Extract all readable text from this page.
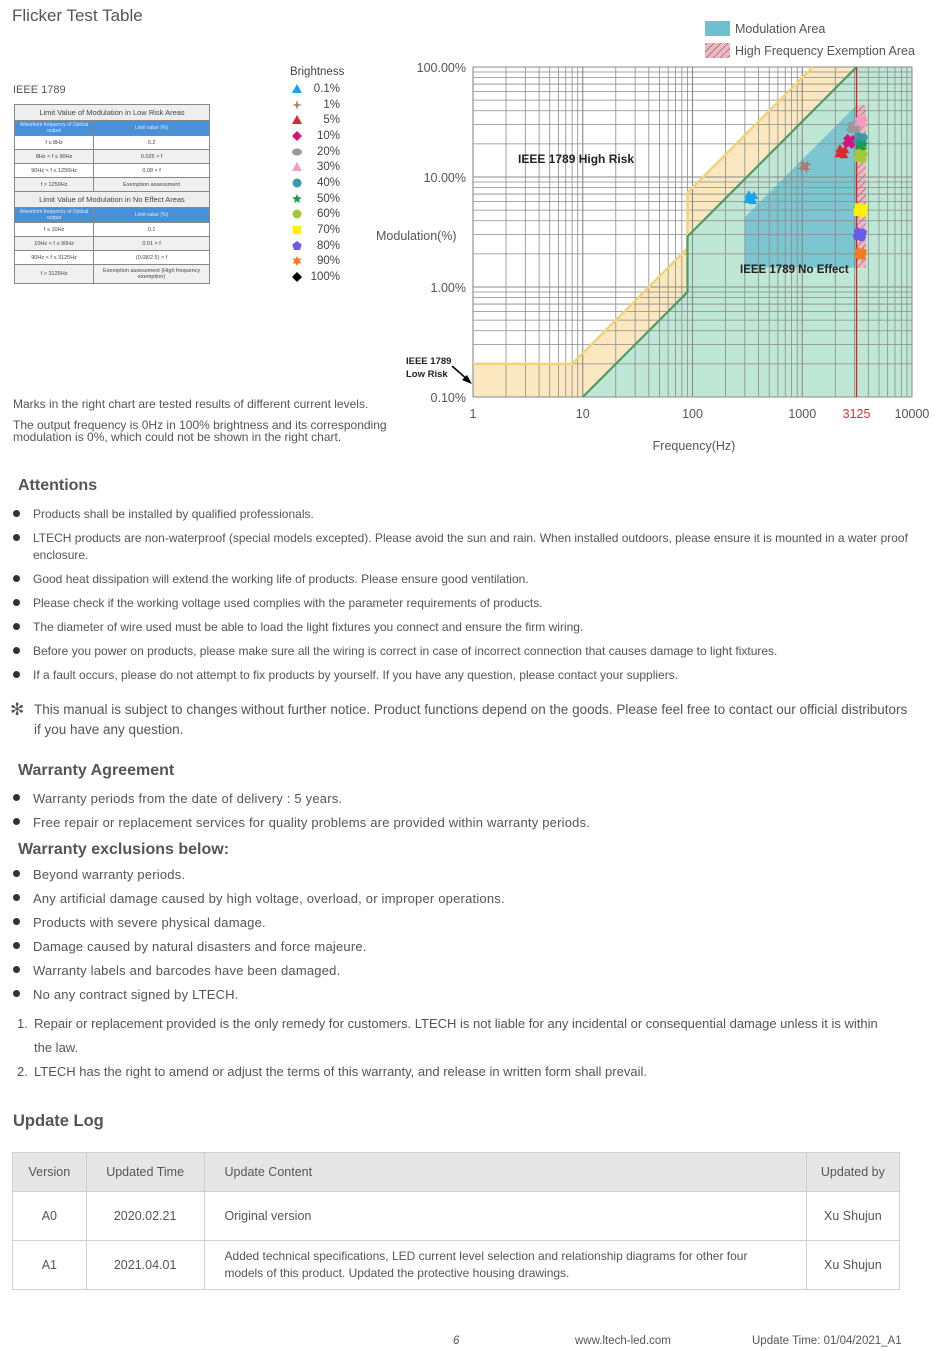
Flicker Test Table
IEEE 1789
Limit Value of Modulation in Low Risk Areas	
Waveform frequency of Optical output	Limit value (%)
f ≤ 8Hz	0.2
8Hz < f ≤ 90Hz	0.025 × f
90Hz < f ≤ 1250Hz	0.08 × f
f > 1250Hz	Exemption assessment
Limit Value of Modulation in No Effect Areas	
Waveform frequency of Optical output	Limit value (%)
f ≤ 10Hz	0.1
10Hz < f ≤ 90Hz	0.01 × f
90Hz < f ≤ 3125Hz	(0.08/2.5) × f
f > 3125Hz	Exemption assessment (High frequency exemption)
Brightness
0.1%
1%
5%
10%
20%
30%
40%
50%
60%
70%
80%
90%
100%
Marks in the right chart are tested results of different current levels.
The output frequency is 0Hz in 100% brightness and its corresponding modulation is 0%, which could not be shown in the right chart.
1	10	100	1000 3125 10000
100.00%
10.00%
1.00%
0.10%
Modulation Area
High Frequency Exemption Area
IEEE 1789 High Risk
IEEE 1789 No Effect
IEEE 1789
Low Risk
Frequency(Hz)
Modulation(%)
Attentions
Products shall be installed by qualified professionals.
LTECH products are non-waterproof (special models excepted). Please avoid the sun and rain. When installed outdoors, please ensure it is mounted in a water proof enclosure.
Good heat dissipation will extend the working life of products. Please ensure good ventilation.
Please check if the working voltage used complies with the parameter requirements of products.
The diameter of wire used must be able to load the light fixtures you connect and ensure the firm wiring.
Before you power on products, please make sure all the wiring is correct in case of incorrect connection that causes damage to light fixtures.
If a fault occurs, please do not attempt to fix products by yourself. If you have any question, please contact your suppliers.
✻ This manual is subject to changes without further notice. Product functions depend on the goods. Please feel free to contact our official distributors if you have any question.
Warranty Agreement
Warranty periods from the date of delivery : 5 years.
Free repair or replacement services for quality problems are provided within warranty periods.
Warranty exclusions below:
Beyond warranty periods.
Any artificial damage caused by high voltage, overload, or improper operations.
Products with severe physical damage.
Damage caused by natural disasters and force majeure.
Warranty labels and barcodes have been damaged.
No any contract signed by LTECH.
1. Repair or replacement provided is the only remedy for customers. LTECH is not liable for any incidental or consequential damage unless it is within the law.
2. LTECH has the right to amend or adjust the terms of this warranty, and release in written form shall prevail.
Update Log
Version	Updated Time	Update Content	Updated by
A0	2020.02.21	Original version	Xu Shujun
A1	2021.04.01	Added technical specifications, LED current level selection and relationship diagrams for other four models of this product. Updated the protective housing drawings.	Xu Shujun
6	www.ltech-led.com	Update Time: 01/04/2021_A1
